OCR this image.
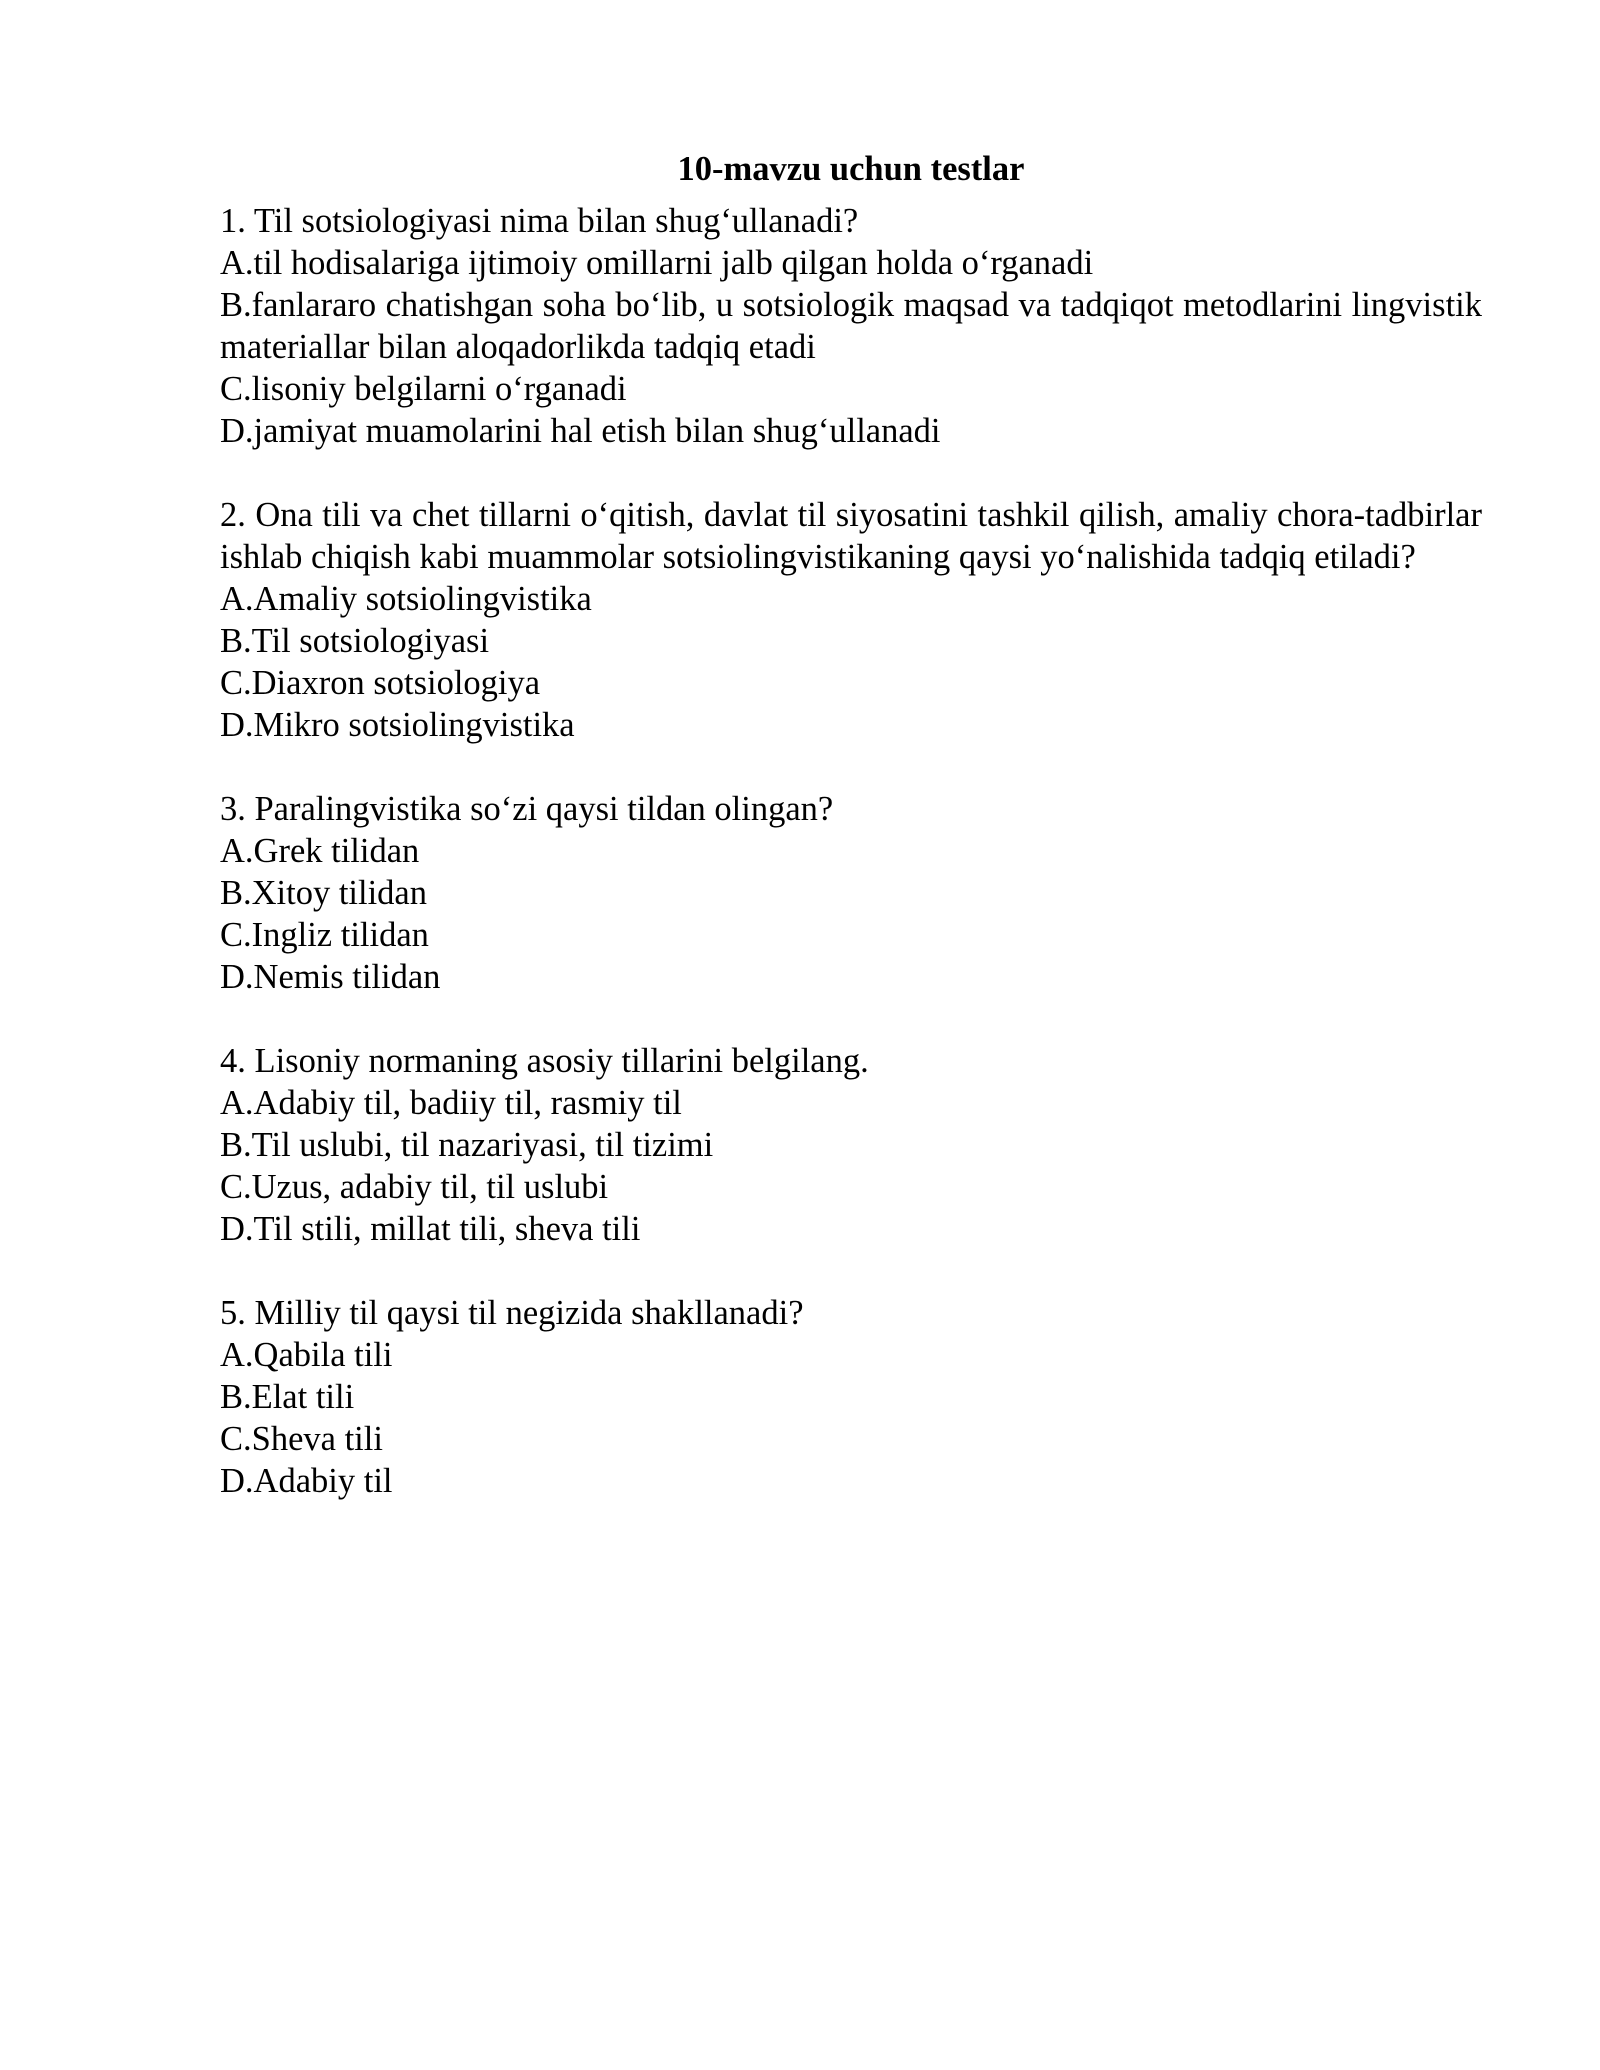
10-mavzu uchun testlar
1. Til sotsiologiyasi nima bilan shug‘ullanadi?
A.til hodisalariga ijtimoiy omillarni jalb qilgan holda o‘rganadi
B.fanlararo chatishgan soha bo‘lib, u sotsiologik maqsad va tadqiqot metodlarini lingvistik materiallar bilan aloqadorlikda tadqiq etadi
C.lisoniy belgilarni o‘rganadi
D.jamiyat muamolarini hal etish bilan shug‘ullanadi
2. Ona tili va chet tillarni o‘qitish, davlat til siyosatini tashkil qilish, amaliy chora-tadbirlar ishlab chiqish kabi muammolar sotsiolingvistikaning qaysi yo‘nalishida tadqiq etiladi?
A.Amaliy sotsiolingvistika
B.Til sotsiologiyasi
C.Diaxron sotsiologiya
D.Mikro sotsiolingvistika
3. Paralingvistika so‘zi qaysi tildan olingan?
A.Grek tilidan
B.Xitoy tilidan
C.Ingliz tilidan
D.Nemis tilidan
4. Lisoniy normaning asosiy tillarini belgilang.
A.Adabiy til, badiiy til, rasmiy til
B.Til uslubi, til nazariyasi, til tizimi
C.Uzus, adabiy til, til uslubi
D.Til stili, millat tili, sheva tili
5. Milliy til qaysi til negizida shakllanadi?
A.Qabila tili
B.Elat tili
C.Sheva tili
D.Adabiy til
